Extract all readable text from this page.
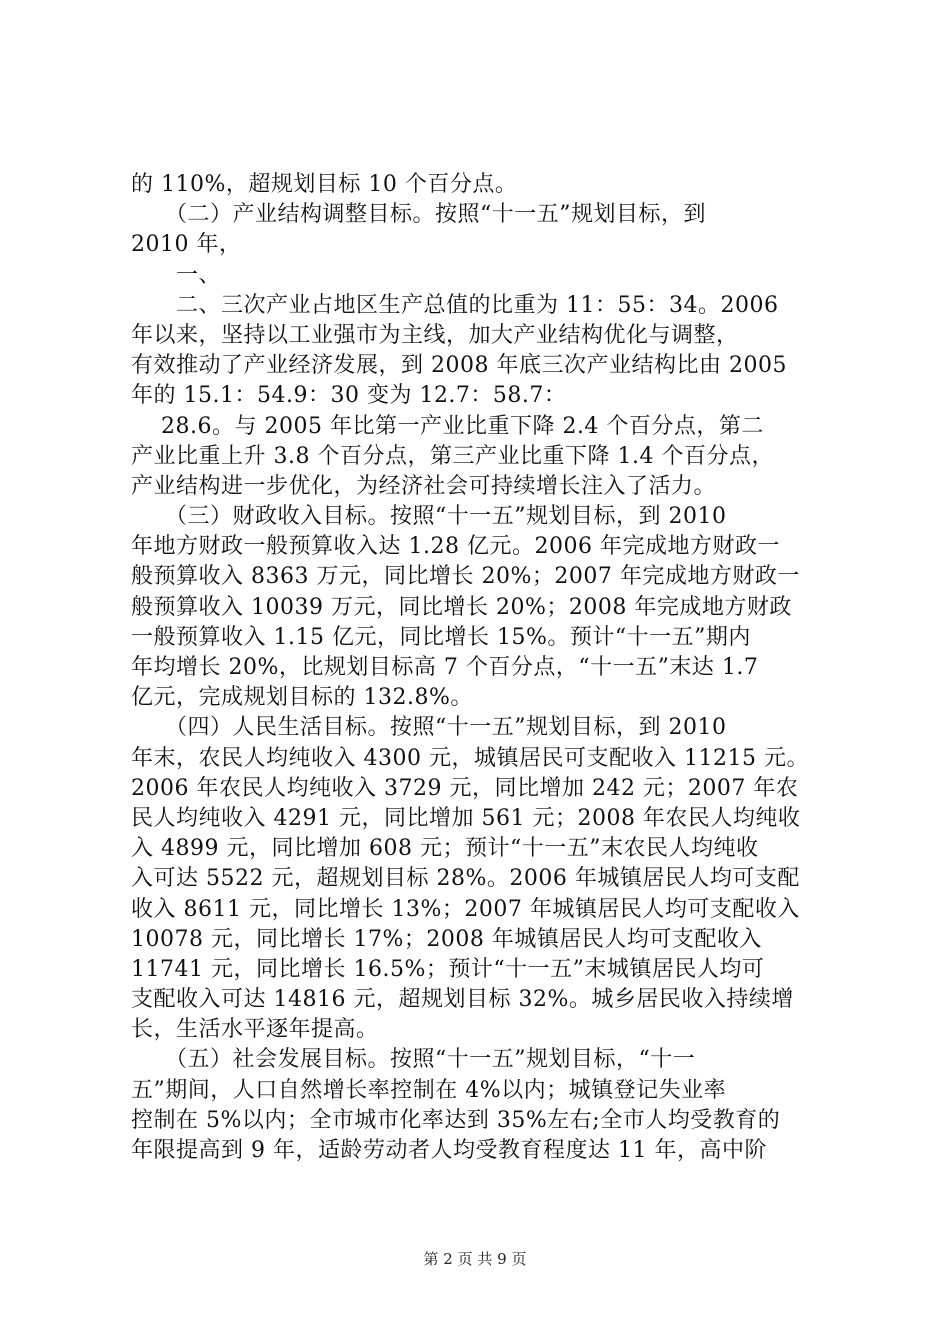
的 110%，超规划目标 10 个百分点。
　　（二）产业结构调整目标。按照“十一五”规划目标，到
2010 年，
　　一、
　　二、三次产业占地区生产总值的比重为 11：55：34。2006
年以来，坚持以工业强市为主线，加大产业结构优化与调整，
有效推动了产业经济发展，到 2008 年底三次产业结构比由 2005
年的 15.1：54.9：30 变为 12.7：58.7：
　 28.6。与 2005 年比第一产业比重下降 2.4 个百分点，第二
产业比重上升 3.8 个百分点，第三产业比重下降 1.4 个百分点，
产业结构进一步优化，为经济社会可持续增长注入了活力。
　　（三）财政收入目标。按照“十一五”规划目标，到 2010
年地方财政一般预算收入达 1.28 亿元。2006 年完成地方财政一
般预算收入 8363 万元，同比增长 20%；2007 年完成地方财政一
般预算收入 10039 万元，同比增长 20%；2008 年完成地方财政
一般预算收入 1.15 亿元，同比增长 15%。预计“十一五”期内
年均增长 20%，比规划目标高 7 个百分点，“十一五”末达 1.7
亿元，完成规划目标的 132.8%。
　　（四）人民生活目标。按照“十一五”规划目标，到 2010
年末，农民人均纯收入 4300 元，城镇居民可支配收入 11215 元。
2006 年农民人均纯收入 3729 元，同比增加 242 元；2007 年农
民人均纯收入 4291 元，同比增加 561 元；2008 年农民人均纯收
入 4899 元，同比增加 608 元；预计“十一五”末农民人均纯收
入可达 5522 元，超规划目标 28%。2006 年城镇居民人均可支配
收入 8611 元，同比增长 13%；2007 年城镇居民人均可支配收入
10078 元，同比增长 17%；2008 年城镇居民人均可支配收入
11741 元，同比增长 16.5%；预计“十一五”末城镇居民人均可
支配收入可达 14816 元，超规划目标 32%。城乡居民收入持续增
长，生活水平逐年提高。
　　（五）社会发展目标。按照“十一五”规划目标，“十一
五”期间，人口自然增长率控制在 4%以内；城镇登记失业率
控制在 5%以内；全市城市化率达到 35%左右;全市人均受教育的
年限提高到 9 年，适龄劳动者人均受教育程度达 11 年，高中阶
第 2 页 共 9 页
